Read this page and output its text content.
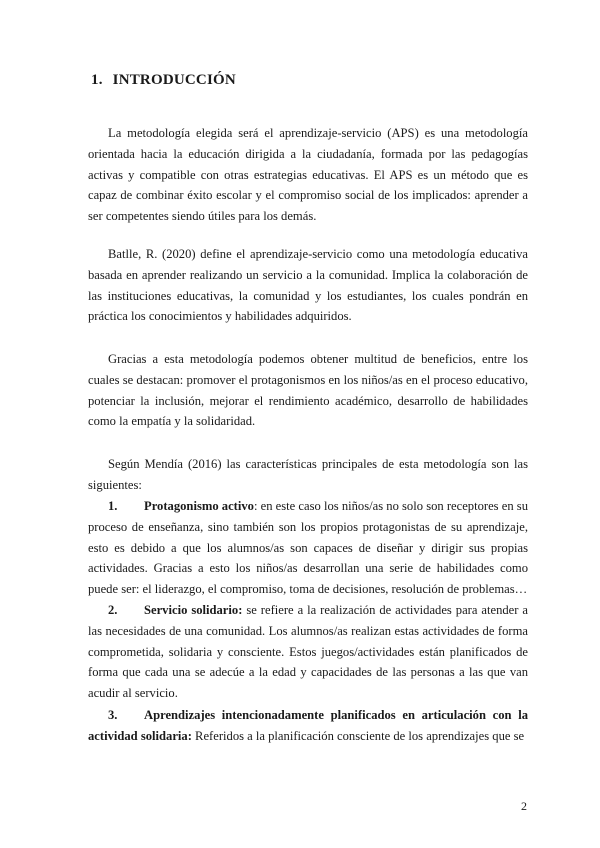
1. INTRODUCCIÓN

La metodología elegida será el aprendizaje-servicio (APS) es una metodología orientada hacia la educación dirigida a la ciudadanía, formada por las pedagogías activas y compatible con otras estrategias educativas. El APS es un método que es capaz de combinar éxito escolar y el compromiso social de los implicados: aprender a ser competentes siendo útiles para los demás.

Batlle, R. (2020) define el aprendizaje-servicio como una metodología educativa basada en aprender realizando un servicio a la comunidad. Implica la colaboración de las instituciones educativas, la comunidad y los estudiantes, los cuales pondrán en práctica los conocimientos y habilidades adquiridos.

Gracias a esta metodología podemos obtener multitud de beneficios, entre los cuales se destacan: promover el protagonismos en los niños/as en el proceso educativo, potenciar la inclusión, mejorar el rendimiento académico, desarrollo de habilidades como la empatía y la solidaridad.

Según Mendía (2016) las características principales de esta metodología son las siguientes:

1. Protagonismo activo: en este caso los niños/as no solo son receptores en su proceso de enseñanza, sino también son los propios protagonistas de su aprendizaje, esto es debido a que los alumnos/as son capaces de diseñar y dirigir sus propias actividades. Gracias a esto los niños/as desarrollan una serie de habilidades como puede ser: el liderazgo, el compromiso, toma de decisiones, resolución de problemas…

2. Servicio solidario: se refiere a la realización de actividades para atender a las necesidades de una comunidad. Los alumnos/as realizan estas actividades de forma comprometida, solidaria y consciente. Estos juegos/actividades están planificados de forma que cada una se adecúe a la edad y capacidades de las personas a las que van acudir al servicio.

3. Aprendizajes intencionadamente planificados en articulación con la actividad solidaria: Referidos a la planificación consciente de los aprendizajes que se

2
